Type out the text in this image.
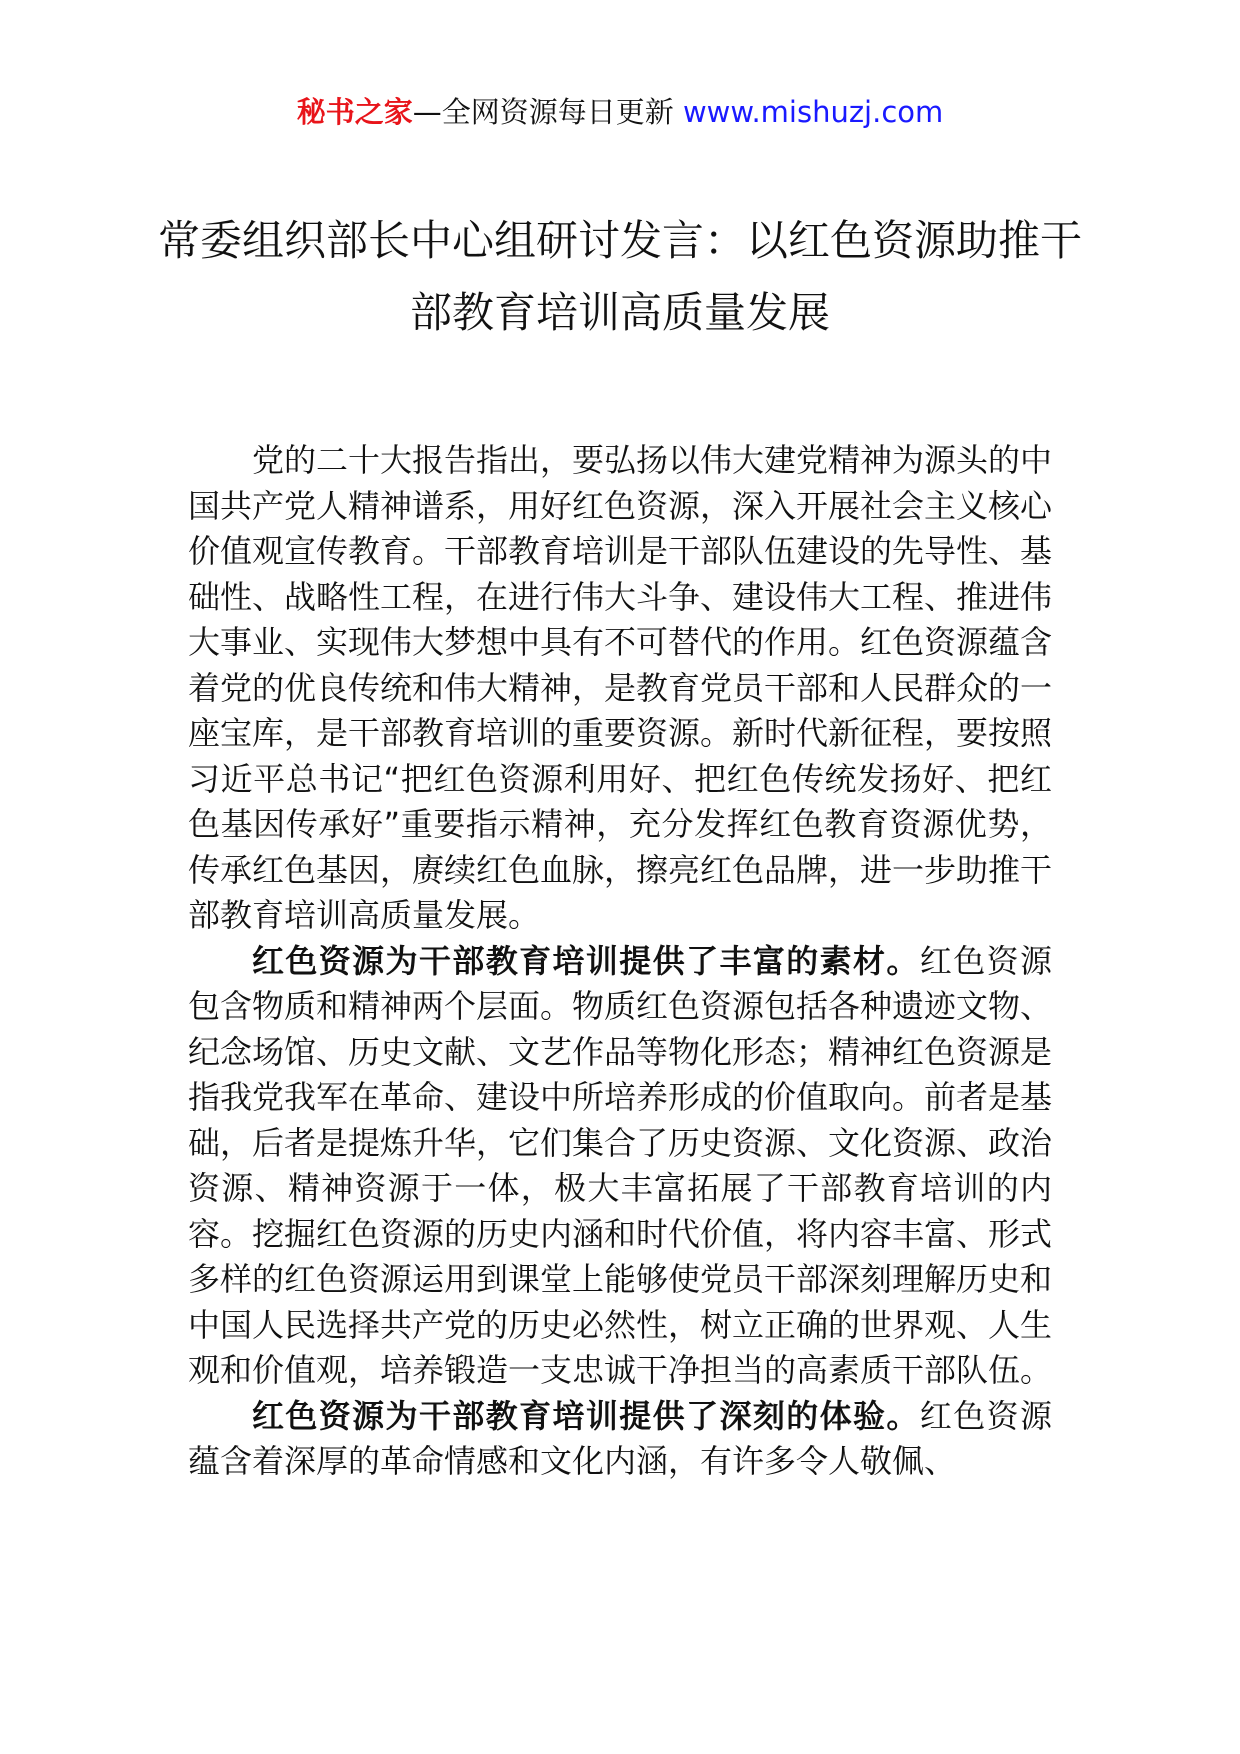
秘书之家—全网资源每日更新 www.mishuzj.com
常委组织部长中心组研讨发言：以红色资源助推干部教育培训高质量发展

党的二十大报告指出，要弘扬以伟大建党精神为源头的中国共产党人精神谱系，用好红色资源，深入开展社会主义核心价值观宣传教育。干部教育培训是干部队伍建设的先导性、基础性、战略性工程，在进行伟大斗争、建设伟大工程、推进伟大事业、实现伟大梦想中具有不可替代的作用。红色资源蕴含着党的优良传统和伟大精神，是教育党员干部和人民群众的一座宝库，是干部教育培训的重要资源。新时代新征程，要按照习近平总书记“把红色资源利用好、把红色传统发扬好、把红色基因传承好”重要指示精神，充分发挥红色教育资源优势，传承红色基因，赓续红色血脉，擦亮红色品牌，进一步助推干部教育培训高质量发展。

红色资源为干部教育培训提供了丰富的素材。红色资源包含物质和精神两个层面。物质红色资源包括各种遗迹文物、纪念场馆、历史文献、文艺作品等物化形态；精神红色资源是指我党我军在革命、建设中所培养形成的价值取向。前者是基础，后者是提炼升华，它们集合了历史资源、文化资源、政治资源、精神资源于一体，极大丰富拓展了干部教育培训的内容。挖掘红色资源的历史内涵和时代价值，将内容丰富、形式多样的红色资源运用到课堂上能够使党员干部深刻理解历史和中国人民选择共产党的历史必然性，树立正确的世界观、人生观和价值观，培养锻造一支忠诚干净担当的高素质干部队伍。

红色资源为干部教育培训提供了深刻的体验。红色资源蕴含着深厚的革命情感和文化内涵，有许多令人敬佩、
